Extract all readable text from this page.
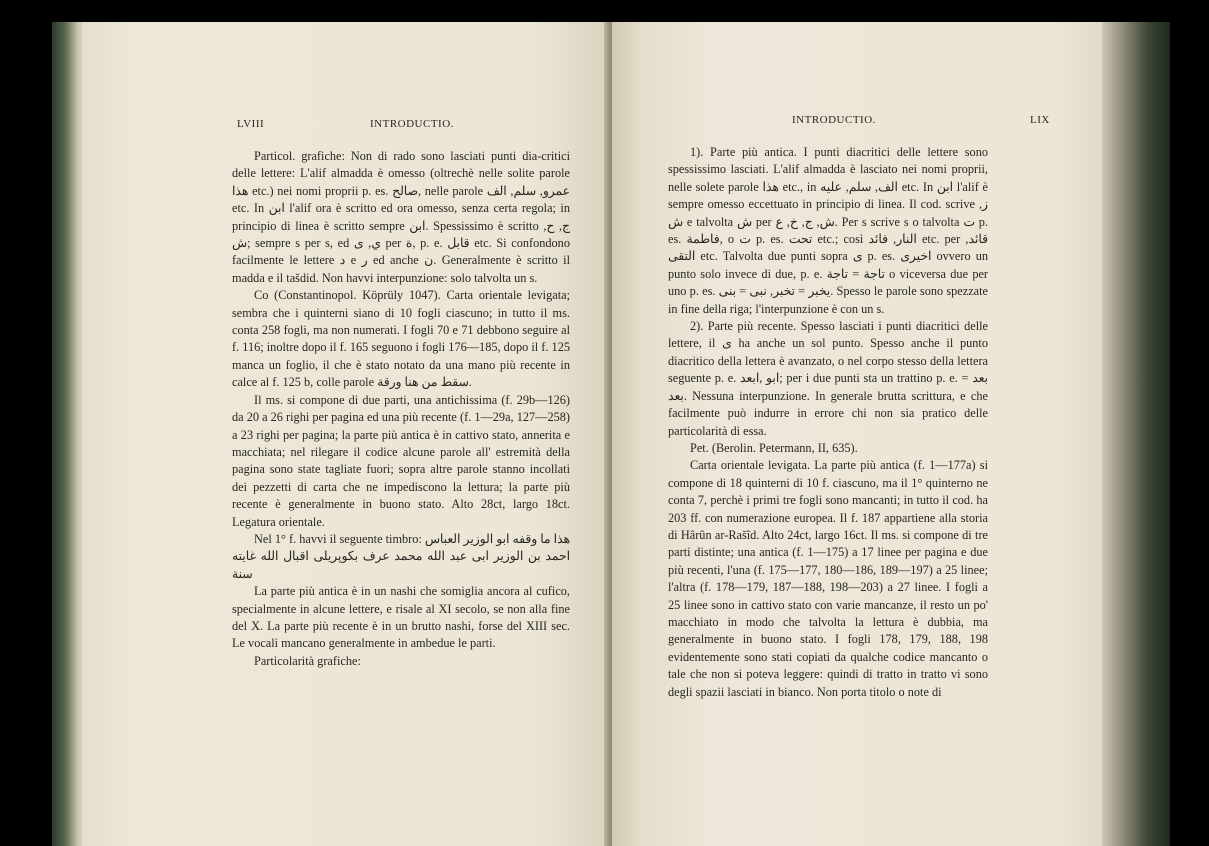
LVIII	INTRODUCTIO.

Particol. grafiche: Non di rado sono lasciati punti dia-critici delle lettere: L'alif almadda è omesso (oltrechè nelle solite parole هذا etc.) nei nomi proprii p. es. صالح, nelle parole عمرو, سلم, الف etc. In ابن l'alif ora è scritto ed ora omesso, senza certa regola; in principio di linea è scritto sempre ابن. Spessissimo è scritto ج, ح, ش; sempre s per s, ed ي, ى per ة, p. e. قابل etc. Si confondono facilmente le lettere د e ر ed anche ن. Generalmente è scritto il madda e il tašdid. Non havvi interpunzione: solo talvolta un s.

Co (Constantinopol. Köprüly 1047). Carta orientale levigata; sembra che i quinterni siano di 10 fogli ciascuno; in tutto il ms. conta 258 fogli, ma non numerati. I fogli 70 e 71 debbono seguire al f. 116; inoltre dopo il f. 165 seguono i fogli 176—185, dopo il f. 125 manca un foglio, il che è stato notato da una mano più recente in calce al f. 125 b, colle parole سقط من هنا ورقة.

Il ms. si compone di due parti, una antichissima (f. 29b—126) da 20 a 26 righi per pagina ed una più recente (f. 1—29a, 127—258) a 23 righi per pagina; la parte più antica è in cattivo stato, annerita e macchiata; nel rilegare il codice alcune parole all' estremità della pagina sono state tagliate fuori; sopra altre parole stanno incollati dei pezzetti di carta che ne impediscono la lettura; la parte più recente è generalmente in buono stato. Alto 28ct, largo 18ct. Legatura orientale.

Nel 1° f. havvi il seguente timbro: هذا ما وقفه ابو الوزير العباس احمد بن الوزير ابى عبد الله محمد عرف بكوپريلى اقبال الله غايته سنة

La parte più antica è in un nashi che somiglia ancora al cufico, specialmente in alcune lettere, e risale al XI secolo, se non alla fine del X. La parte più recente è in un brutto nashi, forse del XIII sec. Le vocali mancano generalmente in ambedue le parti.

Particolarità grafiche:

INTRODUCTIO.	LIX

1). Parte più antica. I punti diacritici delle lettere sono spessissimo lasciati. L'alif almadda è lasciato nei nomi proprii, nelle solete parole هذا etc., in الف, سلم, عليه etc. In ابن l'alif è sempre omesso eccettuato in principio di linea. Il cod. scrive ز, ش e talvolta ش per ش, ج, خ, ع. Per s scrive s o talvolta ت p. es. فاطمة, o ت p. es. تحت etc.; così النار, فائد etc. per قائد, التقى etc. Talvolta due punti sopra ى p. es. اخيرى ovvero un punto solo invece di due, p. e. تاجة = تاجة o viceversa due per uno p. es. يخبر = تخبر, نبى = بنى. Spesso le parole sono spezzate in fine della riga; l'interpunzione è con un s.

2). Parte più recente. Spesso lasciati i punti diacritici delle lettere, il ى ha anche un sol punto. Spesso anche il punto diacritico della lettera è avanzato, o nel corpo stesso della lettera seguente p. e. ابو ,ابعد; per i due punti sta un trattino p. e. بعد = بعد. Nessuna interpunzione. In generale brutta scrittura, e che facilmente può indurre in errore chi non sia pratico delle particolarità di essa.

Pet. (Berolin. Petermann, II, 635).

Carta orientale levigata. La parte più antica (f. 1—177a) si compone di 18 quinterni di 10 f. ciascuno, ma il 1° quinterno ne conta 7, perchè i primi tre fogli sono mancanti; in tutto il cod. ha 203 ff. con numerazione europea. Il f. 187 appartiene alla storia di Hârûn ar-Rašîd. Alto 24ct, largo 16ct. Il ms. si compone di tre parti distinte; una antica (f. 1—175) a 17 linee per pagina e due più recenti, l'una (f. 175—177, 180—186, 189—197) a 25 linee; l'altra (f. 178—179, 187—188, 198—203) a 27 linee. I fogli a 25 linee sono in cattivo stato con varie mancanze, il resto un po' macchiato in modo che talvolta la lettura è dubbia, ma generalmente in buono stato. I fogli 178, 179, 188, 198 evidentemente sono stati copiati da qualche codice mancanto o tale che non si poteva leggere: quindi di tratto in tratto vi sono degli spazii lasciati in bianco. Non porta titolo o note di
